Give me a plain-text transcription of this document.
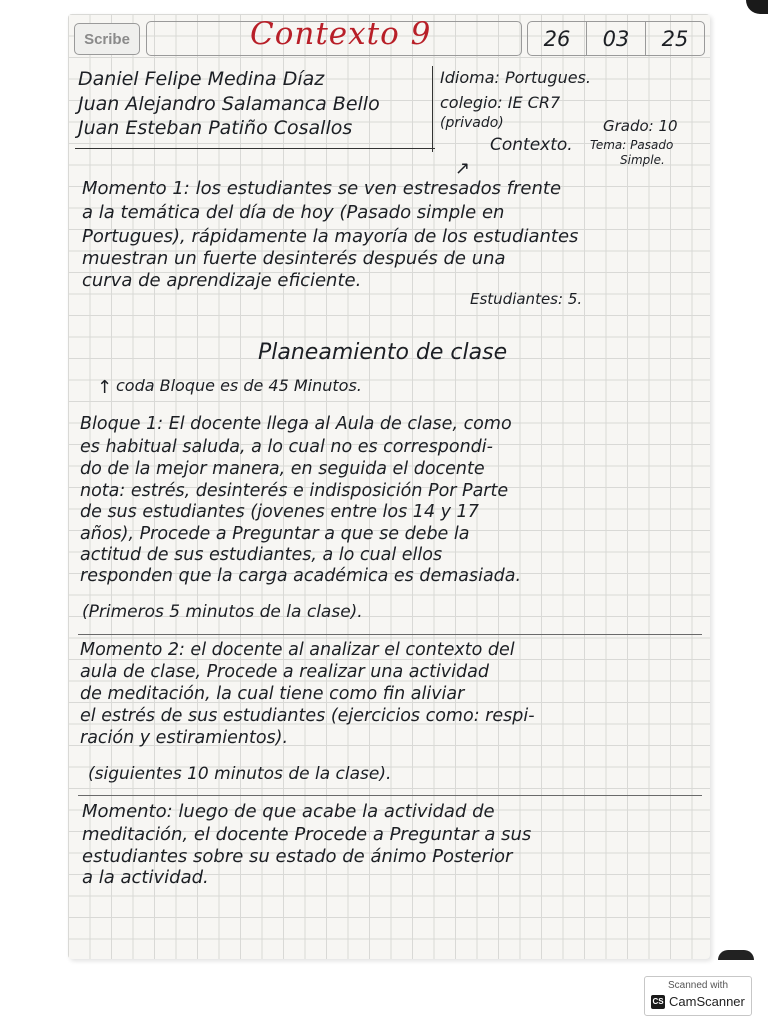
Scribe	Contexto 9	26	03	25
Daniel Felipe Medina Díaz
Juan Alejandro Salamanca Bello
Juan Esteban Patiño Cosallos
Idioma: Portugues.
colegio: IE CR7
(privado)	Grado: 10
Contexto. Tema: Pasado
Simple.
↗
Momento 1: los estudiantes se ven estresados frente
a la temática del día de hoy (Pasado simple en
Portugues), rápidamente la mayoría de los estudiantes
muestran un fuerte desinterés después de una
curva de aprendizaje eficiente.
Estudiantes: 5.
Planeamiento de clase
↑ coda Bloque es de 45 Minutos.
Bloque 1: El docente llega al Aula de clase, como
es habitual saluda, a lo cual no es correspondi-
do de la mejor manera, en seguida el docente
nota: estrés, desinterés e indisposición Por Parte
de sus estudiantes (jovenes entre los 14 y 17
años), Procede a Preguntar a que se debe la
actitud de sus estudiantes, a lo cual ellos
responden que la carga académica es demasiada.
(Primeros 5 minutos de la clase).
Momento 2: el docente al analizar el contexto del
aula de clase, Procede a realizar una actividad
de meditación, la cual tiene como fin aliviar
el estrés de sus estudiantes (ejercicios como: respi-
ración y estiramientos).
(siguientes 10 minutos de la clase).
Momento: luego de que acabe la actividad de
meditación, el docente Procede a Preguntar a sus
estudiantes sobre su estado de ánimo Posterior
a la actividad.
Scanned with
CS CamScanner
